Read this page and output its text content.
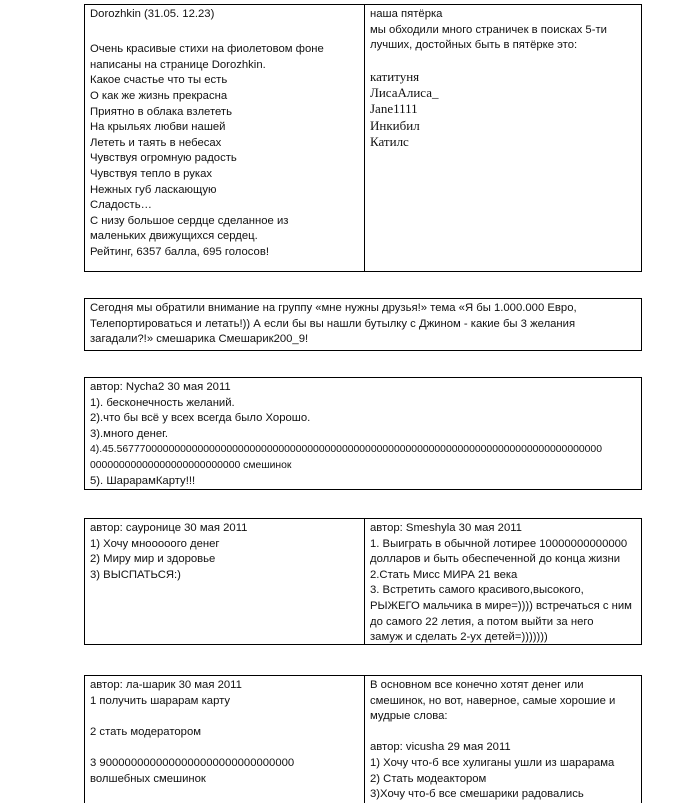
Dorozhkin (31.05. 12.23)
Очень красивые стихи на фиолетовом фоне
написаны на странице Dorozhkin.
Какое счастье что ты есть
О как же жизнь прекрасна
Приятно в облака взлететь
На крыльях любви нашей
Лететь и таять в небесах
Чувствуя огромную радость
Чувствуя тепло в руках
Нежных губ ласкающую
Сладость…
С низу большое сердце сделанное из
маленьких движущихся сердец.
Рейтинг, 6357 балла, 695 голосов!
наша пятёрка
мы обходили много страничек в поисках 5-ти
лучших, достойных быть в пятёрке это:
катитуня
ЛисаАлиса_
Jane1111
Инкибил
Катилс
Сегодня мы обратили внимание на группу «мне нужны друзья!» тема «Я бы 1.000.000 Евро,
Телепортироваться и летать!)) А если бы вы нашли бутылку с Джином - какие бы 3 желания
загадали?!» смешарика Смешарик200_9!
автор: Nycha2 30 мая 2011
1). бесконечность желаний.
2).что бы всё у всех всегда было Хорошо.
3).много денег.
4).45.567770000000000000000000000000000000000000000000000000000000000000000000000000000000
00000000000000000000000000 смешинок
5). ШарарамКарту!!!
автор: сауронице 30 мая 2011
1) Хочу мнооооого денег
2) Миру мир и здоровье
3) ВЫСПАТЬСЯ:)
автор: Smeshyla 30 мая 2011
1. Выиграть в обычной лотирее 10000000000000
долларов и быть обеспеченной до конца жизни
2.Стать Мисс МИРА 21 века
3. Встретить самого красивого,высокого,
РЫЖЕГО мальчика в мире=)))) встречаться с ним
до самого 22 летия, а потом выйти за него
замуж и сделать 2-ух детей=)))))))
автор: ла-шарик 30 мая 2011
1 получить шарарам карту
2 стать модератором
3 9000000000000000000000000000000
волшебных смешинок
В основном все конечно хотят денег или
смешинок, но вот, наверное, самые хорошие и
мудрые слова:
автор: vicusha 29 мая 2011
1) Хочу что-б все хулиганы ушли из шарарама
2) Стать модеактором
3)Хочу что-б все смешарики радовались
